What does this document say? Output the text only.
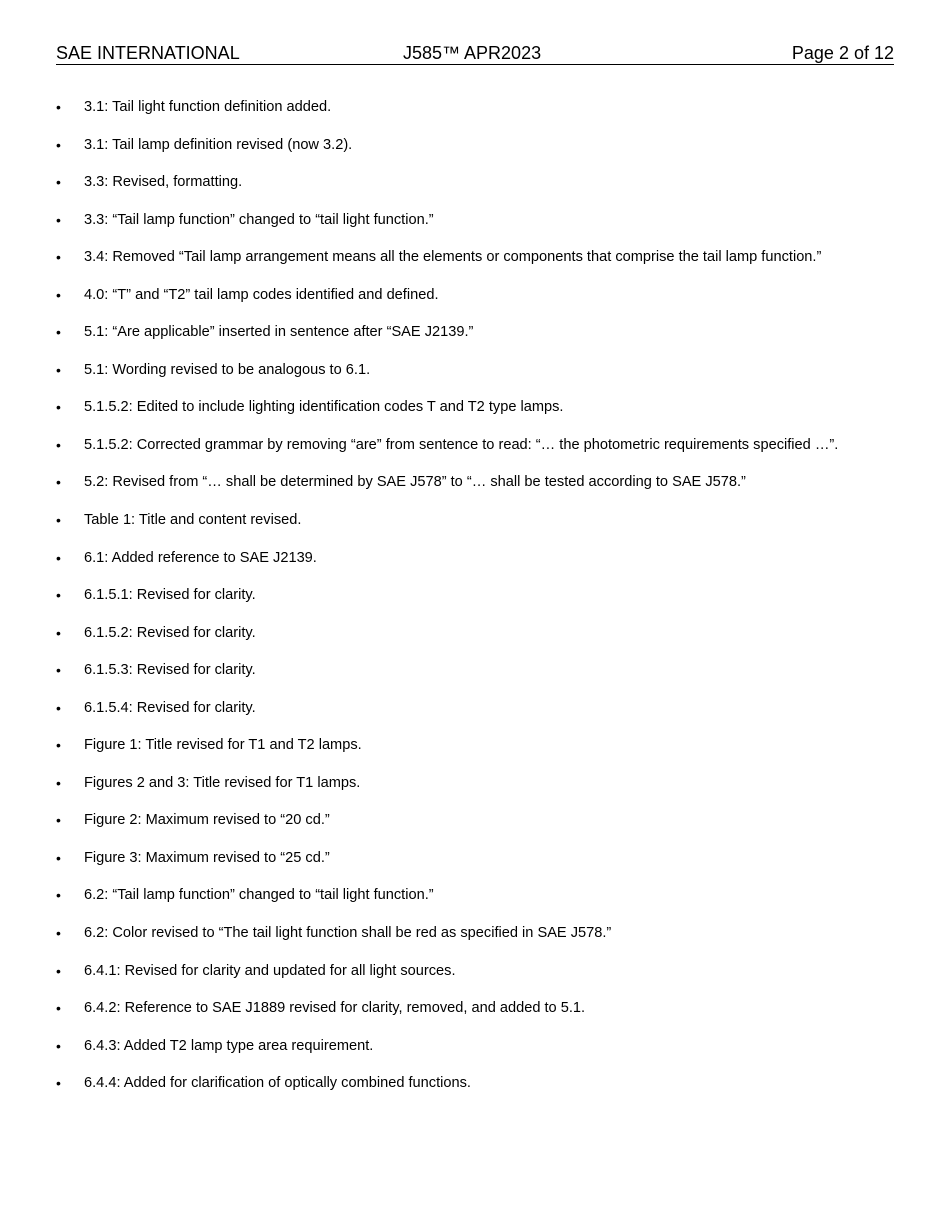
SAE INTERNATIONAL	J585™ APR2023	Page 2 of 12
• 3.1: Tail light function definition added.
• 3.1: Tail lamp definition revised (now 3.2).
• 3.3: Revised, formatting.
• 3.3: “Tail lamp function” changed to “tail light function.”
• 3.4: Removed “Tail lamp arrangement means all the elements or components that comprise the tail lamp function.”
• 4.0: “T” and “T2” tail lamp codes identified and defined.
• 5.1: “Are applicable” inserted in sentence after “SAE J2139.”
• 5.1: Wording revised to be analogous to 6.1.
• 5.1.5.2: Edited to include lighting identification codes T and T2 type lamps.
• 5.1.5.2: Corrected grammar by removing “are” from sentence to read: “… the photometric requirements specified …”.
• 5.2: Revised from “… shall be determined by SAE J578” to “… shall be tested according to SAE J578.”
• Table 1: Title and content revised.
• 6.1: Added reference to SAE J2139.
• 6.1.5.1: Revised for clarity.
• 6.1.5.2: Revised for clarity.
• 6.1.5.3: Revised for clarity.
• 6.1.5.4: Revised for clarity.
• Figure 1: Title revised for T1 and T2 lamps.
• Figures 2 and 3: Title revised for T1 lamps.
• Figure 2: Maximum revised to “20 cd.”
• Figure 3: Maximum revised to “25 cd.”
• 6.2: “Tail lamp function” changed to “tail light function.”
• 6.2: Color revised to “The tail light function shall be red as specified in SAE J578.”
• 6.4.1: Revised for clarity and updated for all light sources.
• 6.4.2: Reference to SAE J1889 revised for clarity, removed, and added to 5.1.
• 6.4.3: Added T2 lamp type area requirement.
• 6.4.4: Added for clarification of optically combined functions.
